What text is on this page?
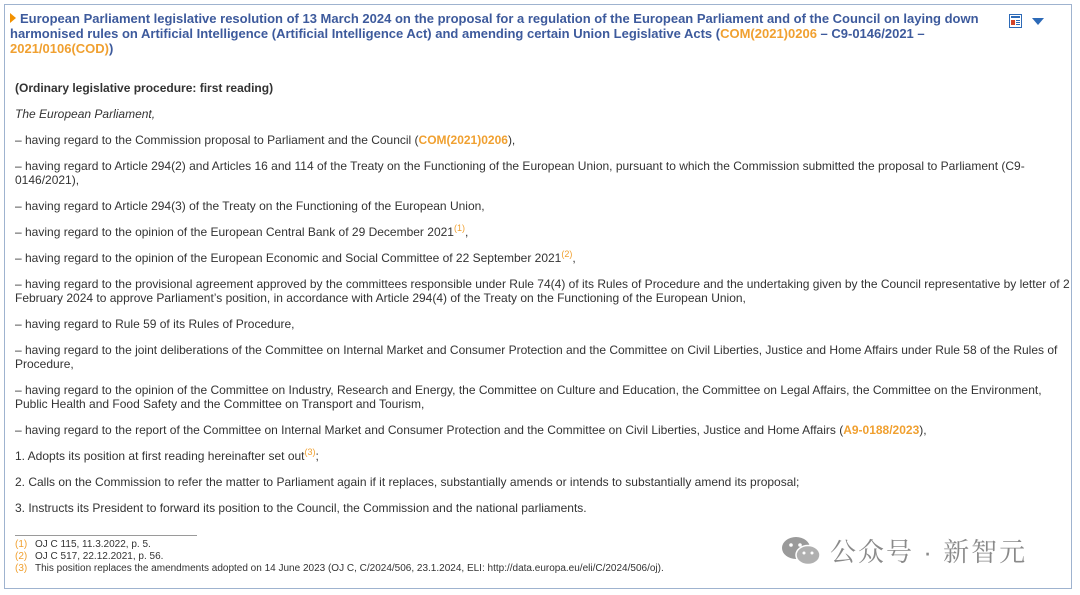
European Parliament legislative resolution of 13 March 2024 on the proposal for a regulation of the European Parliament and of the Council on laying down harmonised rules on Artificial Intelligence (Artificial Intelligence Act) and amending certain Union Legislative Acts (COM(2021)0206 – C9-0146/2021 – 2021/0106(COD))
(Ordinary legislative procedure: first reading)
The European Parliament,
– having regard to the Commission proposal to Parliament and the Council (COM(2021)0206),
– having regard to Article 294(2) and Articles 16 and 114 of the Treaty on the Functioning of the European Union, pursuant to which the Commission submitted the proposal to Parliament (C9-0146/2021),
– having regard to Article 294(3) of the Treaty on the Functioning of the European Union,
– having regard to the opinion of the European Central Bank of 29 December 2021$^{(1)}$,
– having regard to the opinion of the European Economic and Social Committee of 22 September 2021$^{(2)}$,
– having regard to the provisional agreement approved by the committees responsible under Rule 74(4) of its Rules of Procedure and the undertaking given by the Council representative by letter of 2 February 2024 to approve Parliament’s position, in accordance with Article 294(4) of the Treaty on the Functioning of the European Union,
– having regard to Rule 59 of its Rules of Procedure,
– having regard to the joint deliberations of the Committee on Internal Market and Consumer Protection and the Committee on Civil Liberties, Justice and Home Affairs under Rule 58 of the Rules of Procedure,
– having regard to the opinion of the Committee on Industry, Research and Energy, the Committee on Culture and Education, the Committee on Legal Affairs, the Committee on the Environment, Public Health and Food Safety and the Committee on Transport and Tourism,
– having regard to the report of the Committee on Internal Market and Consumer Protection and the Committee on Civil Liberties, Justice and Home Affairs (A9-0188/2023),
1. Adopts its position at first reading hereinafter set out$^{(3)}$;
2. Calls on the Commission to refer the matter to Parliament again if it replaces, substantially amends or intends to substantially amend its proposal;
3. Instructs its President to forward its position to the Council, the Commission and the national parliaments.
(1) OJ C 115, 11.3.2022, p. 5.
(2) OJ C 517, 22.12.2021, p. 56.
(3) This position replaces the amendments adopted on 14 June 2023 (OJ C, C/2024/506, 23.1.2024, ELI: http://data.europa.eu/eli/C/2024/506/oj).
公众号 · 新智元
